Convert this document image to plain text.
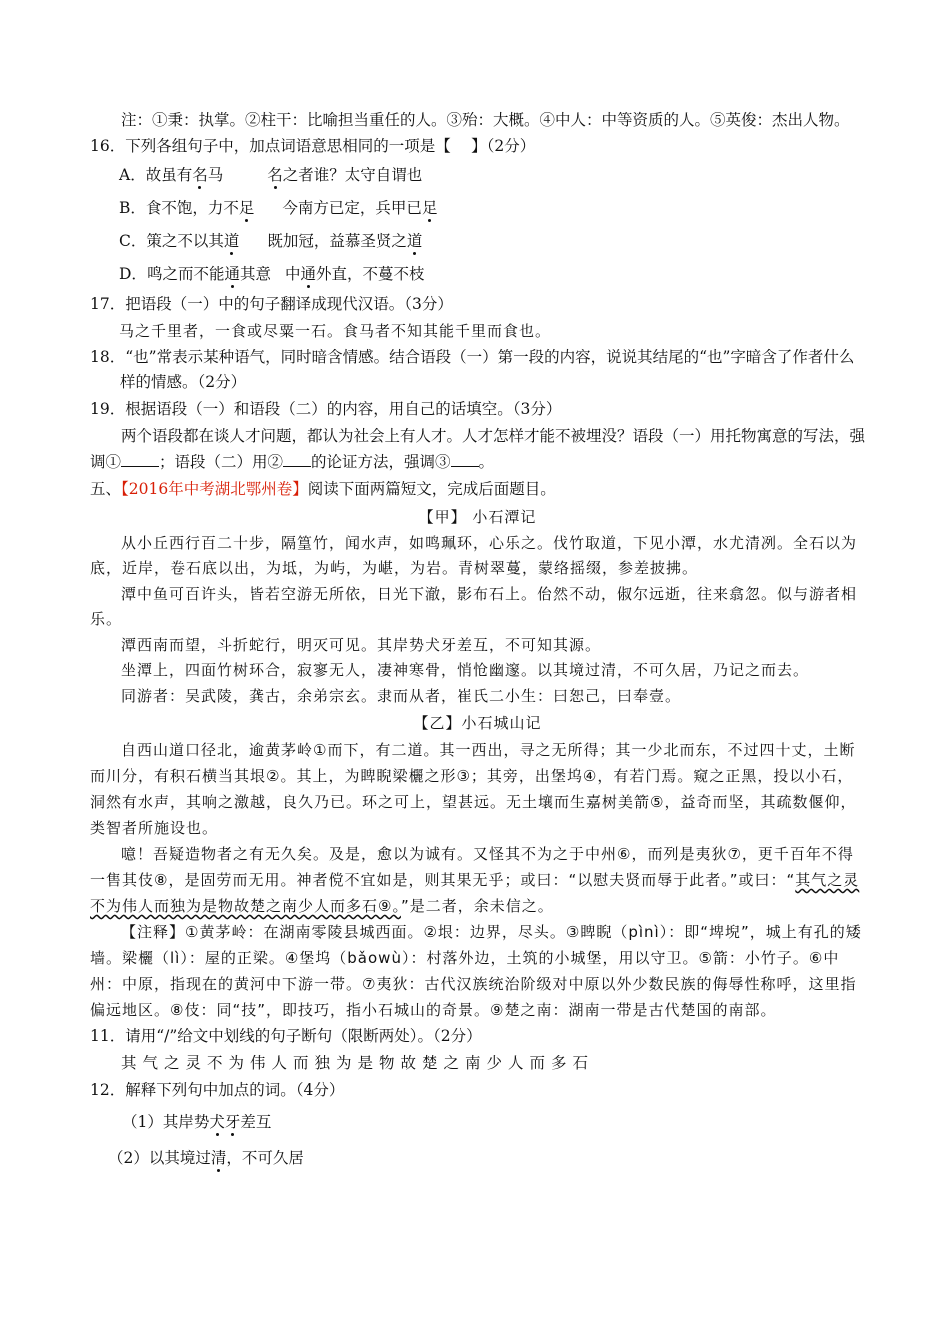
注：①秉：执掌。②柱干：比喻担当重任的人。③殆：大概。④中人：中等资质的人。⑤英俊：杰出人物。

16．下列各组句子中，加点词语意思相同的一项是【　 】（2分）

A．故虽有名马	名之者谁？太守自谓也

B．食不饱，力不足 今南方已定，兵甲已足

C．策之不以其道 既加冠，益慕圣贤之道

D．鸣之而不能通其意 中通外直，不蔓不枝

17．把语段（一）中的句子翻译成现代汉语。（3分）

马之千里者，一食或尽粟一石。食马者不知其能千里而食也。

18．“也”常表示某种语气，同时暗含情感。结合语段（一）第一段的内容，说说其结尾的“也”字暗含了作者什么样的情感。（2分）

19．根据语段（一）和语段（二）的内容，用自己的话填空。（3分）

两个语段都在谈人才问题，都认为社会上有人才。人才怎样才能不被埋没？语段（一）用托物寓意的写法，强调① ；语段（二）用② 的论证方法，强调③ 。

五、【2016年中考湖北鄂州卷】阅读下面两篇短文，完成后面题目。

【甲】 小石潭记

从小丘西行百二十步，隔篁竹，闻水声，如鸣珮环，心乐之。伐竹取道，下见小潭，水尤清冽。全石以为底，近岸，卷石底以出，为坻，为屿，为嵁，为岩。青树翠蔓，蒙络摇缀，参差披拂。

潭中鱼可百许头，皆若空游无所依，日光下澈，影布石上。佁然不动，俶尔远逝，往来翕忽。似与游者相乐。

潭西南而望，斗折蛇行，明灭可见。其岸势犬牙差互，不可知其源。

坐潭上，四面竹树环合，寂寥无人，凄神寒骨，悄怆幽邃。以其境过清，不可久居，乃记之而去。

同游者：吴武陵，龚古，余弟宗玄。隶而从者，崔氏二小生：曰恕己，曰奉壹。

【乙】小石城山记

自西山道口径北，逾黄茅岭①而下，有二道。其一西出，寻之无所得；其一少北而东，不过四十丈，土断而川分，有积石横当其垠②。其上，为睥睨梁欐之形③；其旁，出堡坞④，有若门焉。窥之正黑，投以小石，洞然有水声，其响之激越，良久乃已。环之可上，望甚远。无土壤而生嘉树美箭⑤，益奇而坚，其疏数偃仰，类智者所施设也。

噫！吾疑造物者之有无久矣。及是，愈以为诚有。又怪其不为之于中州⑥，而列是夷狄⑦，更千百年不得一售其伎⑧，是固劳而无用。神者傥不宜如是，则其果无乎；或曰：“以慰夫贤而辱于此者。”或曰：“其气之灵不为伟人而独为是物故楚之南少人而多石⑨。”是二者，余未信之。

【注释】①黄茅岭：在湖南零陵县城西面。②垠：边界，尽头。③睥睨（pìnì）：即“埤堄”，城上有孔的矮墙。梁欐（lì）：屋的正梁。④堡坞（bǎowù）：村落外边，土筑的小城堡，用以守卫。⑤箭：小竹子。⑥中州：中原，指现在的黄河中下游一带。⑦夷狄：古代汉族统治阶级对中原以外少数民族的侮辱性称呼，这里指偏远地区。⑧伎：同“技”，即技巧，指小石城山的奇景。⑨楚之南：湖南一带是古代楚国的南部。

11．请用“/”给文中划线的句子断句（限断两处）。（2分）

其气之灵不为伟人而独为是物故楚之南少人而多石

12．解释下列句中加点的词。（4分）

（1）其岸势犬牙差互

（2）以其境过清，不可久居
